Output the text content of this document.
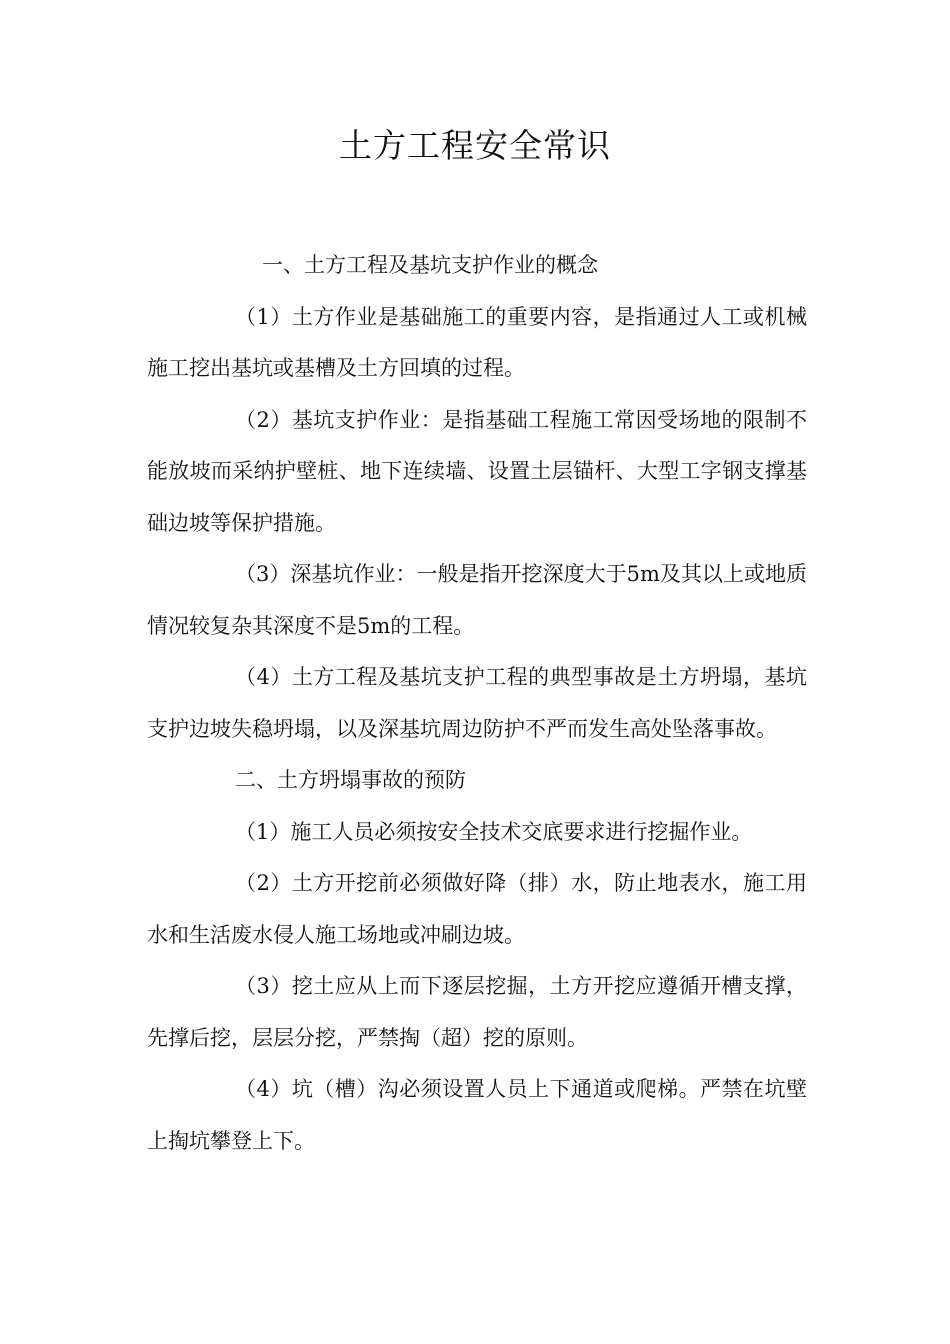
土方工程安全常识

一、土方工程及基坑支护作业的概念

（1）土方作业是基础施工的重要内容，是指通过人工或机械施工挖出基坑或基槽及土方回填的过程。

（2）基坑支护作业：是指基础工程施工常因受场地的限制不能放坡而采纳护壁桩、地下连续墙、设置土层锚杆、大型工字钢支撑基础边坡等保护措施。

（3）深基坑作业：一般是指开挖深度大于5m及其以上或地质情况较复杂其深度不是5m的工程。

（4）土方工程及基坑支护工程的典型事故是土方坍塌，基坑支护边坡失稳坍塌，以及深基坑周边防护不严而发生高处坠落事故。

二、土方坍塌事故的预防

（1）施工人员必须按安全技术交底要求进行挖掘作业。

（2）土方开挖前必须做好降（排）水，防止地表水，施工用水和生活废水侵人施工场地或冲刷边坡。

（3）挖土应从上而下逐层挖掘，土方开挖应遵循开槽支撑，先撑后挖，层层分挖，严禁掏（超）挖的原则。

（4）坑（槽）沟必须设置人员上下通道或爬梯。严禁在坑壁上掏坑攀登上下。
